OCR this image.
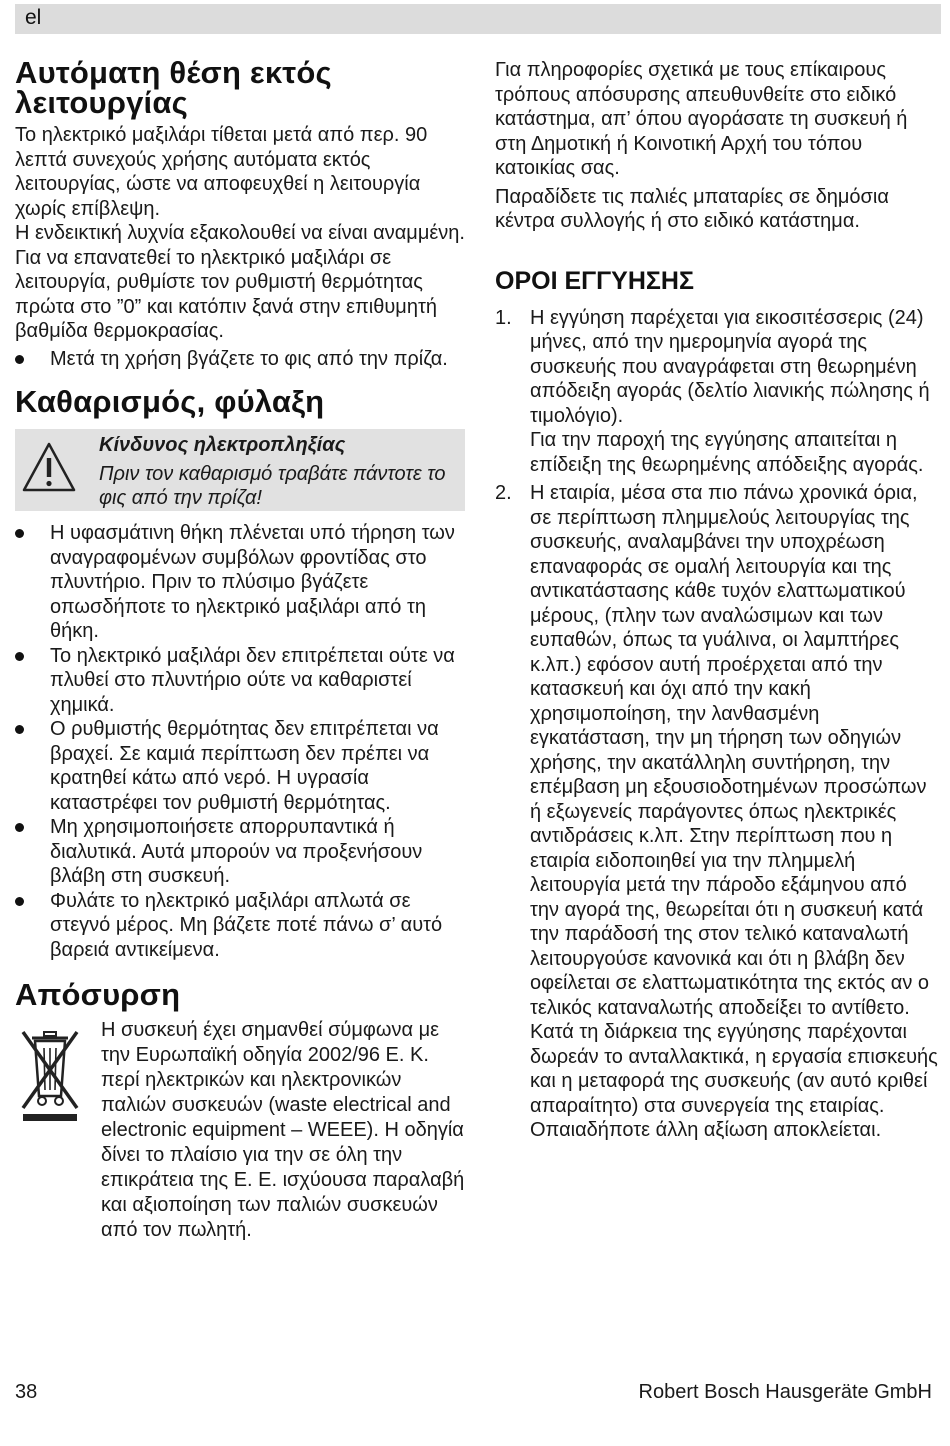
el
Αυτόματη θέση εκτός λειτουργίας

Το ηλεκτρικό μαξιλάρι τίθεται μετά από περ. 90 λεπτά συνεχούς χρήσης αυτόματα εκτός λειτουργίας, ώστε να αποφευχθεί η λειτουργία χωρίς επίβλεψη.

Η ενδεικτική λυχνία εξακολουθεί να είναι αναμμένη. Για να επανατεθεί το ηλεκτρικό μαξιλάρι σε λειτουργία, ρυθμίστε τον ρυθμιστή θερμότητας πρώτα στο ”0” και κατόπιν ξανά στην επιθυμητή βαθμίδα θερμοκρασίας.

Μετά τη χρήση βγάζετε το φις από την πρίζα.
Καθαρισμός, φύλαξη
Κίνδυνος ηλεκτροπληξίας
Πριν τον καθαρισμό τραβάτε πάντοτε το φις από την πρίζα!
Η υφασμάτινη θήκη πλένεται υπό τήρηση των αναγραφομένων συμβόλων φροντίδας στο πλυντήριο. Πριν το πλύσιμο βγάζετε οπωσδήποτε το ηλεκτρικό μαξιλάρι από τη θήκη.
Το ηλεκτρικό μαξιλάρι δεν επιτρέπεται ούτε να πλυθεί στο πλυντήριο ούτε να καθαριστεί χημικά.
Ο ρυθμιστής θερμότητας δεν επιτρέπεται να βραχεί. Σε καμιά περίπτωση δεν πρέπει να κρατηθεί κάτω από νερό. Η υγρασία καταστρέφει τον ρυθμιστή θερμότητας.
Μη χρησιμοποιήσετε απορρυπαντικά ή διαλυτικά. Αυτά μπορούν να προξενήσουν βλάβη στη συσκευή.
Φυλάτε το ηλεκτρικό μαξιλάρι απλωτά σε στεγνό μέρος. Μη βάζετε ποτέ πάνω σ’ αυτό βαρειά αντικείμενα.
Απόσυρση
Η συσκευή έχει σημανθεί σύμφωνα με την Ευρωπαϊκή οδηγία 2002/96 Ε. Κ. περί ηλεκτρικών και ηλεκτρονικών παλιών συσκευών (waste electrical and electronic equipment – WEEE). Η οδηγία δίνει το πλαίσιο για την σε όλη την επικράτεια της Ε. Ε. ισχύουσα παραλαβή και αξιοποίηση των παλιών συσκευών από τον πωλητή.

Για πληροφορίες σχετικά με τους επίκαιρους τρόπους απόσυρσης απευθυνθείτε στο ειδικό κατάστημα, απ’ όπου αγοράσατε τη συσκευή ή στη Δημοτική ή Κοινοτική Αρχή του τόπου κατοικίας σας.

Παραδίδετε τις παλιές μπαταρίες σε δημόσια κέντρα συλλογής ή στο ειδικό κατάστημα.

ΟΡΟΙ ΕΓΓΥΗΣΗΣ
1. Η εγγύηση παρέχεται για εικοσιτέσσερις (24) μήνες, από την ημερομηνία αγορά της συσκευής που αναγράφεται στη θεωρημένη απόδειξη αγοράς (δελτίο λιανικής πώλησης ή τιμολόγιο).
Για την παροχή της εγγύησης απαιτείται η επίδειξη της θεωρημένης απόδειξης αγοράς.
2. Η εταιρία, μέσα στα πιο πάνω χρονικά όρια, σε περίπτωση πλημμελούς λειτουργίας της συσκευής, αναλαμβάνει την υποχρέωση επαναφοράς σε ομαλή λειτουργία και της αντικατάστασης κάθε τυχόν ελαττωματικού μέρους, (πλην των αναλώσιμων και των ευπαθών, όπως τα γυάλινα, οι λαμπτήρες κ.λπ.) εφόσον αυτή προέρχεται από την κατασκευή και όχι από την κακή χρησιμοποίηση, την λανθασμένη εγκατάσταση, την μη τήρηση των οδηγιών χρήσης, την ακατάλληλη συντήρηση, την επέμβαση μη εξουσιοδοτημένων προσώπων ή εξωγενείς παράγοντες όπως ηλεκτρικές αντιδράσεις κ.λπ. Στην περίπτωση που η εταιρία ειδοποιηθεί για την πλημμελή λειτουργία μετά την πάροδο εξάμηνου από την αγορά της, θεωρείται ότι η συσκευή κατά την παράδοσή της στον τελικό καταναλωτή λειτουργούσε κανονικά και ότι η βλάβη δεν οφείλεται σε ελαττωματικότητα της εκτός αν ο τελικός καταναλωτής αποδείξει το αντίθετο. Κατά τη διάρκεια της εγγύησης παρέχονται δωρεάν το ανταλλακτικά, η εργασία επισκευής και η μεταφορά της συσκευής (αν αυτό κριθεί απαραίτητο) στα συνεργεία της εταιρίας. Οπαιαδήποτε άλλη αξίωση αποκλείεται.
38	Robert Bosch Hausgeräte GmbH
